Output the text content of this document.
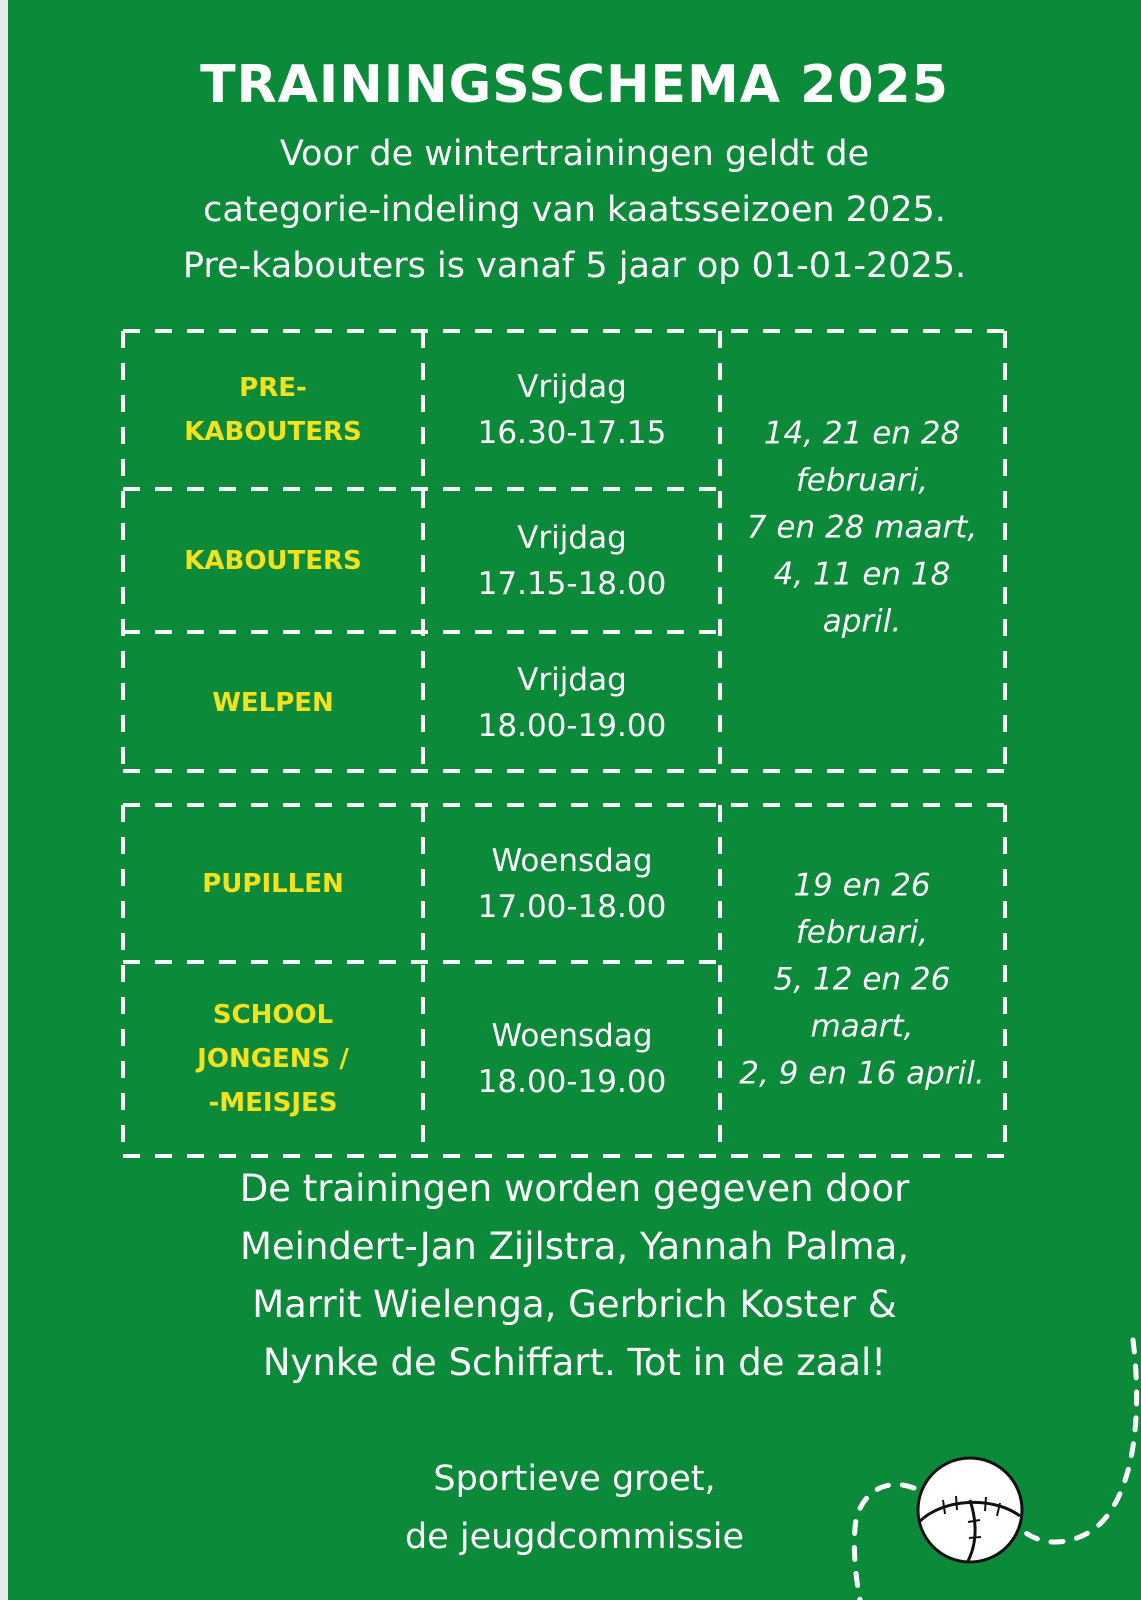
TRAININGSSCHEMA 2025
Voor de wintertrainingen geldt de
categorie-indeling van kaatsseizoen 2025.
Pre-kabouters is vanaf 5 jaar op 01-01-2025.
PRE-
KABOUTERS
Vrijdag
16.30-17.15
KABOUTERS
Vrijdag
17.15-18.00
WELPEN
Vrijdag
18.00-19.00
14, 21 en 28
februari,
7 en 28 maart,
4, 11 en 18
april.
PUPILLEN
Woensdag
17.00-18.00
SCHOOL
JONGENS /
-MEISJES
Woensdag
18.00-19.00
19 en 26
februari,
5, 12 en 26
maart,
2, 9 en 16 april.
De trainingen worden gegeven door
Meindert-Jan Zijlstra, Yannah Palma,
Marrit Wielenga, Gerbrich Koster &
Nynke de Schiffart. Tot in de zaal!
Sportieve groet,
de jeugdcommissie
